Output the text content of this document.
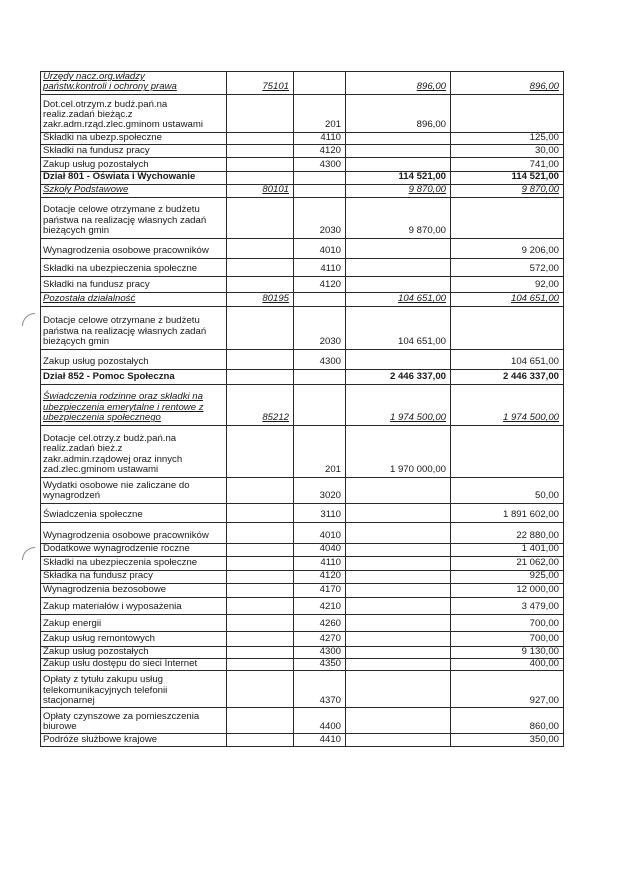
Urzędy nacz.org.władzy
państw.kontroli i ochrony prawa	75101		896,00	896,00
Dot.cel.otrzym.z budż.pań.na
realiz.zadań bieżąc.z
zakr.adm.rząd.zlec.gminom ustawami		201	896,00	
Składki na ubezp.społeczne		4110		125,00
Składki na fundusz pracy		4120		30,00
Zakup usług pozostałych		4300		741,00
Dział 801 - Oświata i Wychowanie			114 521,00	114 521,00
Szkoły Podstawowe	80101		9 870,00	9 870,00
Dotacje celowe otrzymane z budżetu
państwa na realizację własnych zadań
bieżących gmin		2030	9 870,00	
Wynagrodzenia osobowe pracowników		4010		9 206,00
Składki na ubezpieczenia społeczne		4110		572,00
Składki na fundusz pracy		4120		92,00
Pozostała działalność	80195		104 651,00	104 651,00
Dotacje celowe otrzymane z budżetu
państwa na realizację własnych zadań
bieżących gmin		2030	104 651,00	
Zakup usług pozostałych		4300		104 651,00
Dział 852 - Pomoc Społeczna			2 446 337,00	2 446 337,00
Świadczenia rodzinne oraz składki na
ubezpieczenia emerytalne i rentowe z
ubezpieczenia społecznego	85212		1 974 500,00	1 974 500,00
Dotacje cel.otrzy.z budż.pań.na
realiz.zadań bież.z
zakr.admin.rządowej oraz innych
zad.zlec.gminom ustawami		201	1 970 000,00	
Wydatki osobowe nie zaliczane do
wynagrodzeń		3020		50,00
Świadczenia społeczne		3110		1 891 602,00
Wynagrodzenia osobowe pracowników		4010		22 880,00
Dodatkowe wynagrodzenie roczne		4040		1 401,00
Składki na ubezpieczenia społeczne		4110		21 062,00
Składka na fundusz pracy		4120		925,00
Wynagrodzenia bezosobowe		4170		12 000,00
Zakup materiałów i wyposażenia		4210		3 479,00
Zakup energii		4260		700,00
Zakup usług remontowych		4270		700,00
Zakup usług pozostałych		4300		9 130,00
Zakup usłu dostępu do sieci Internet		4350		400,00
Opłaty z tytułu zakupu usług
telekomunikacyjnych telefonii
stacjonarnej		4370		927,00
Opłaty czynszowe za pomieszczenia
biurowe		4400		860,00
Podróże służbowe krajowe		4410		350,00
